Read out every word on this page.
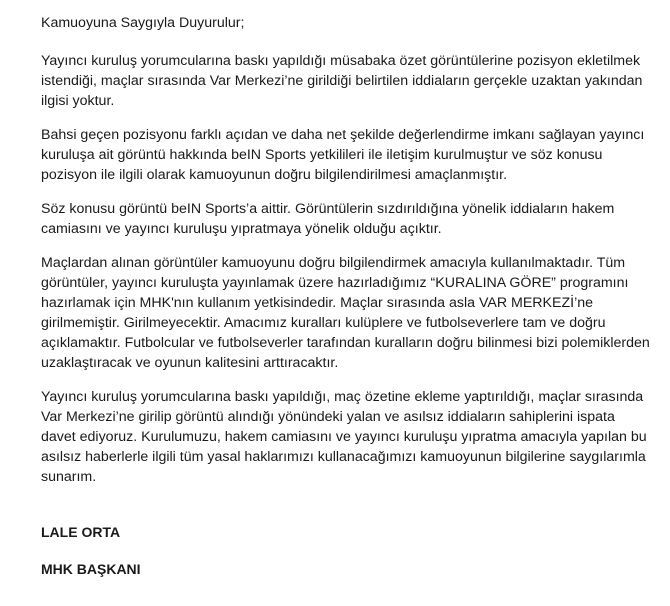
Kamuoyuna Saygıyla Duyurulur;

Yayıncı kuruluş yorumcularına baskı yapıldığı müsabaka özet görüntülerine pozisyon ekletilmek istendiği, maçlar sırasında Var Merkezi’ne girildiği belirtilen iddiaların gerçekle uzaktan yakından ilgisi yoktur.

Bahsi geçen pozisyonu farklı açıdan ve daha net şekilde değerlendirme imkanı sağlayan yayıncı kuruluşa ait görüntü hakkında beIN Sports yetkilileri ile iletişim kurulmuştur ve söz konusu pozisyon ile ilgili olarak kamuoyunun doğru bilgilendirilmesi amaçlanmıştır.

Söz konusu görüntü beIN Sports’a aittir. Görüntülerin sızdırıldığına yönelik iddiaların hakem camiasını ve yayıncı kuruluşu yıpratmaya yönelik olduğu açıktır.

Maçlardan alınan görüntüler kamuoyunu doğru bilgilendirmek amacıyla kullanılmaktadır. Tüm görüntüler, yayıncı kuruluşta yayınlamak üzere hazırladığımız “KURALINA GÖRE” programını hazırlamak için MHK'nın kullanım yetkisindedir. Maçlar sırasında asla VAR MERKEZİ’ne girilmemiştir. Girilmeyecektir. Amacımız kuralları kulüplere ve futbolseverlere tam ve doğru açıklamaktır. Futbolcular ve futbolseverler tarafından kuralların doğru bilinmesi bizi polemiklerden uzaklaştıracak ve oyunun kalitesini arttıracaktır.

Yayıncı kuruluş yorumcularına baskı yapıldığı, maç özetine ekleme yaptırıldığı, maçlar sırasında Var Merkezi’ne girilip görüntü alındığı yönündeki yalan ve asılsız iddiaların sahiplerini ispata davet ediyoruz. Kurulumuzu, hakem camiasını ve yayıncı kuruluşu yıpratma amacıyla yapılan bu asılsız haberlerle ilgili tüm yasal haklarımızı kullanacağımızı kamuoyunun bilgilerine saygılarımla sunarım.

LALE ORTA

MHK BAŞKANI
